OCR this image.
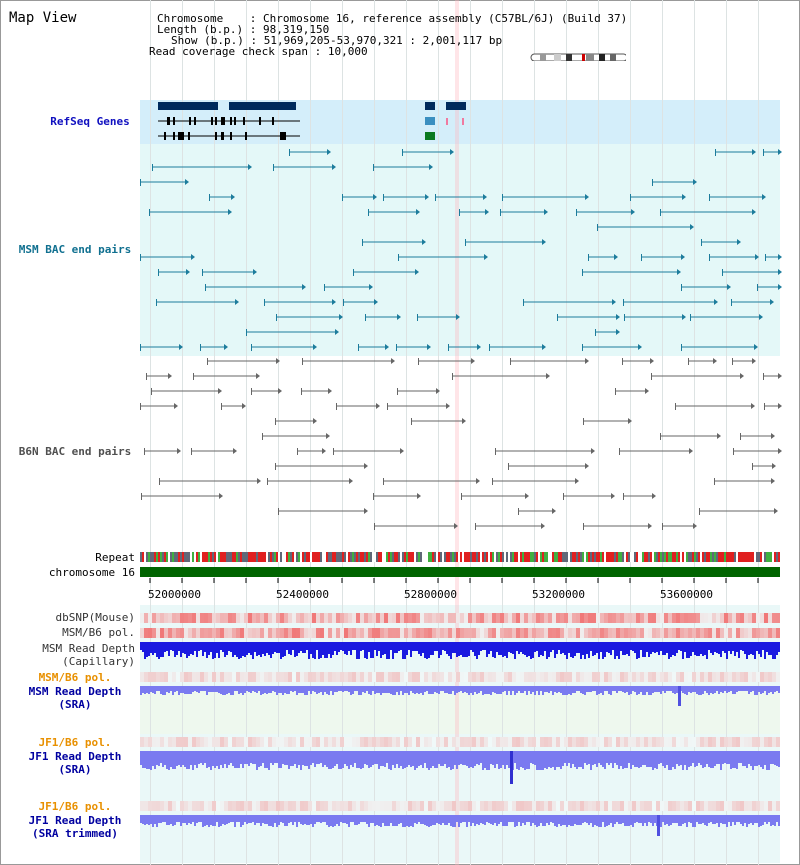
Map View	Chromosome    : Chromosome 16, reference assembly (C57BL/6J) (Build 37)
Length (b.p.) : 98,319,150
Show (b.p.) : 51,969,205-53,970,321 : 2,001,117 bp
Read coverage check span : 10,000
RefSeq Genes
MSM BAC end pairs
B6N BAC end pairs
Repeat
chromosome 16
dbSNP(Mouse)
MSM/B6 pol.
MSM Read Depth
(Capillary)
MSM/B6 pol.
MSM Read Depth
(SRA)
JF1/B6 pol.
JF1 Read Depth
(SRA)
JF1/B6 pol.
JF1 Read Depth
(SRA trimmed)
52000000	52400000	52800000	53200000	53600000
